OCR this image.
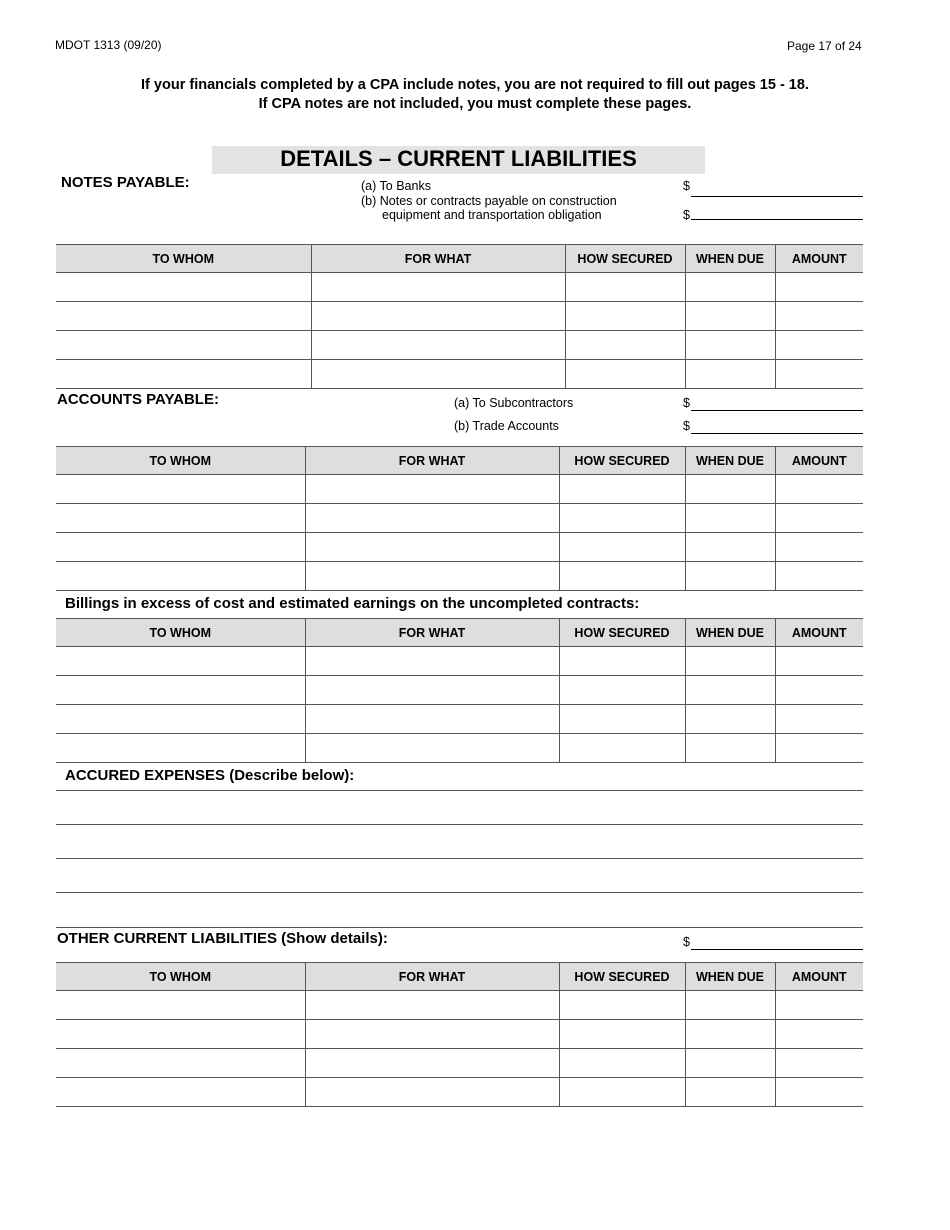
MDOT 1313 (09/20)	Page 17 of 24
If your financials completed by a CPA include notes, you are not required to fill out pages 15 - 18.
If CPA notes are not included, you must complete these pages.
DETAILS – CURRENT LIABILITIES
NOTES PAYABLE:	(a) To Banks
(b) Notes or contracts payable on construction
equipment and transportation obligation
$
$
TO WHOM	FOR WHAT	HOW SECURED	WHEN DUE	AMOUNT

ACCOUNTS PAYABLE:	(a) To Subcontractors
(b) Trade Accounts
$
$
TO WHOM	FOR WHAT	HOW SECURED	WHEN DUE	AMOUNT

Billings in excess of cost and estimated earnings on the uncompleted contracts:
TO WHOM	FOR WHAT	HOW SECURED	WHEN DUE	AMOUNT

ACCURED EXPENSES (Describe below):
OTHER CURRENT LIABILITIES (Show details):	$
TO WHOM	FOR WHAT	HOW SECURED	WHEN DUE	AMOUNT
